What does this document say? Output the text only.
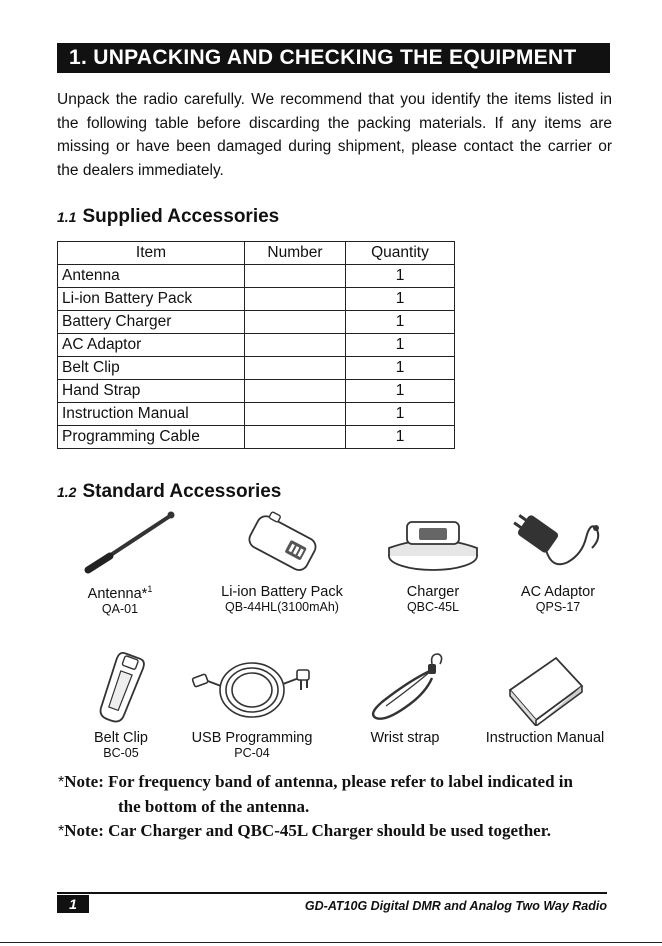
1. UNPACKING AND CHECKING THE EQUIPMENT

Unpack the radio carefully. We recommend that you identify the items listed in the following table before discarding the packing materials. If any items are missing or have been damaged during shipment, please contact the carrier or the dealers immediately.

1.1 Supplied Accessories
Item	Number	Quantity
Antenna		1
Li-ion Battery Pack		1
Battery Charger		1
AC Adaptor		1
Belt Clip		1
Hand Strap		1
Instruction Manual		1
Programming Cable		1
1.2 Standard Accessories
Antenna*$^1$
QA-01
Li-ion Battery Pack
QB-44HL(3100mAh)
Charger
QBC-45L
AC Adaptor
QPS-17
Belt Clip
BC-05
USB Programming
PC-04
Wrist strap	Instruction Manual
*Note: For frequency band of antenna, please refer to label indicated in
the bottom of the antenna.
*Note: Car Charger and QBC-45L Charger should be used together.
1	GD-AT10G Digital DMR and Analog Two Way Radio
